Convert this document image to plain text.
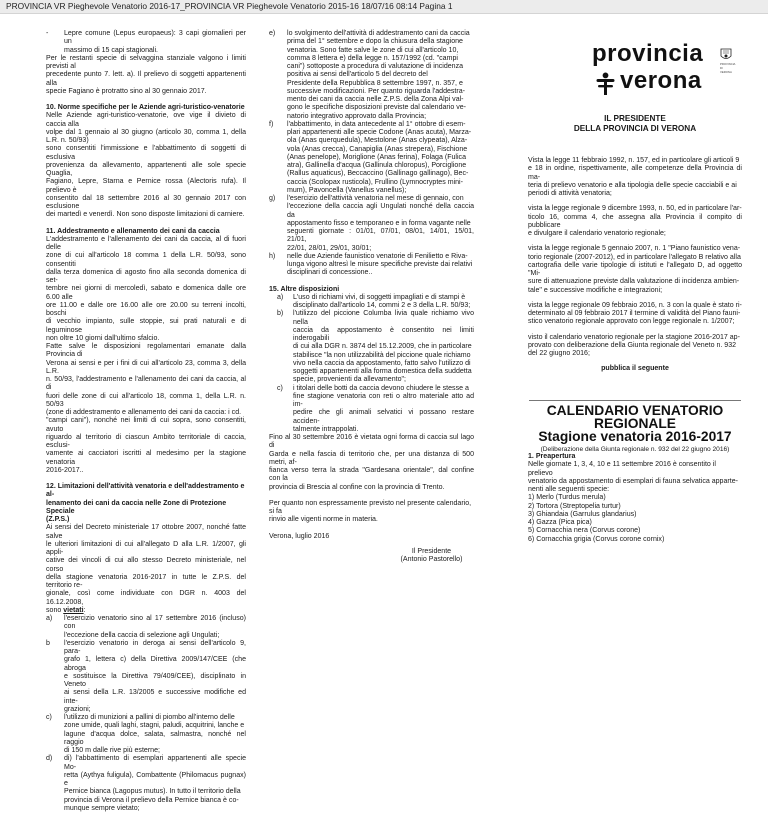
PROVINCIA VR Pieghevole Venatorio 2016-17_PROVINCIA VR Pieghevole Venatorio 2015-16 18/07/16 08:14 Pagina 1
-	Lepre comune (Lepus europaeus): 3 capi giornalieri per un
massimo di 15 capi stagionali.

Per le restanti specie di selvaggina stanziale valgono i limiti previsti al
precedente punto 7. lett. a). Il prelievo di soggetti appartenenti alla
specie Fagiano è protratto sino al 30 gennaio 2017.

10. Norme specifiche per le Aziende agri-turistico-venatorie

Nelle Aziende agri-turistico-venatorie, ove vige il divieto di caccia alla
volpe dal 1 gennaio al 30 giugno (articolo 30, comma 1, della L.R. n. 50/93)
sono consentiti l'immissione e l'abbattimento di soggetti di esclusiva
provenienza da allevamento, appartenenti alle sole specie Quaglia,
Fagiano, Lepre, Starna e Pernice rossa (Alectoris rufa). Il prelievo è
consentito dal 18 settembre 2016 al 30 gennaio 2017 con esclusione
dei martedì e venerdì. Non sono disposte limitazioni di carniere.

11. Addestramento e allenamento dei cani da caccia

L'addestramento e l'allenamento dei cani da caccia, al di fuori delle
zone di cui all'articolo 18 comma 1 della L.R. 50/93, sono consentiti
dalla terza domenica di agosto fino alla seconda domenica di set-
tembre nei giorni di mercoledì, sabato e domenica dalle ore 6.00 alle
ore 11.00 e dalle ore 16.00 alle ore 20.00 su terreni incolti, boschi
di vecchio impianto, sulle stoppie, sui prati naturali e di leguminose
non oltre 10 giorni dall'ultimo sfalcio.
Fatte salve le disposizioni regolamentari emanate dalla Provincia di
Verona ai sensi e per i fini di cui all'articolo 23, comma 3, della L.R.
n. 50/93, l'addestramento e l'allenamento dei cani da caccia, al di
fuori delle zone di cui all'articolo 18, comma 1, della L.R. n. 50/93
(zone di addestramento e allenamento dei cani da caccia: i cd.
"campi cani"), nonché nei limiti di cui sopra, sono consentiti, avuto
riguardo al territorio di ciascun Ambito territoriale di caccia, esclusi-
vamente ai cacciatori iscritti al medesimo per la stagione venatoria
2016-2017..

12. Limitazioni dell'attività venatoria e dell'addestramento e al-
lenamento dei cani da caccia nelle Zone di Protezione Speciale
(Z.P.S.)

Ai sensi del Decreto ministeriale 17 ottobre 2007, nonché fatte salve
le ulteriori limitazioni di cui all'allegato D alla L.R. 1/2007, gli appli-
cative dei vincoli di cui allo stesso Decreto ministeriale, nel corso
della stagione venatoria 2016-2017 in tutte le Z.P.S. del territorio re-
gionale, così come individuate con DGR n. 4003 del 16.12.2008,
sono vietati:

a)	l'esercizio venatorio sino al 17 settembre 2016 (incluso) con
l'eccezione della caccia di selezione agli Ungulati;
b	l'esercizio venatorio in deroga ai sensi dell'articolo 9, para-
grafo 1, lettera c) della Direttiva 2009/147/CEE (che abroga
e sostituisce la Direttiva 79/409/CEE), disciplinato in Veneto
ai sensi della L.R. 13/2005 e successive modifiche ed inte-
grazioni;
c)	l'utilizzo di munizioni a pallini di piombo all'interno delle
zone umide, quali laghi, stagni, paludi, acquitrini, lanche e
lagune d'acqua dolce, salata, salmastra, nonché nel raggio
di 150 m dalle rive più esterne;
d)	di) l'abbattimento di esemplari appartenenti alle specie Mo-
retta (Aythya fuligula), Combattente (Philomacus pugnax) e
Pernice bianca (Lagopus mutus). In tutto il territorio della
provincia di Verona il prelievo della Pernice bianca è co-
munque sempre vietato;
e)	lo svolgimento dell'attività di addestramento cani da caccia
prima del 1° settembre e dopo la chiusura della stagione
venatoria. Sono fatte salve le zone di cui all'articolo 10,
comma 8 lettera e) della legge n. 157/1992 (cd. "campi
cani") sottoposte a procedura di valutazione di incidenza
positiva ai sensi dell'articolo 5 del decreto del
Presidente della Repubblica 8 settembre 1997, n. 357, e
successive modificazioni. Per quanto riguarda l'addestra-
mento dei cani da caccia nelle Z.P.S. della Zona Alpi val-
gono le specifiche disposizioni previste dal calendario ve-
natorio integrativo approvato dalla Provincia;
f)	l'abbattimento, in data antecedente al 1° ottobre di esem-
plari appartenenti alle specie Codone (Anas acuta), Marza-
ola (Anas querquedula), Mestolone (Anas clypeata), Alza-
vola (Anas crecca), Canapiglia (Anas strepera), Fischione
(Anas penelope), Moriglione (Anas ferina), Folaga (Fulica
atra), Gallinella d'acqua (Gallinula chloropus), Porciglione
(Rallus aquaticus), Beccaccino (Gallinago gallinago), Bec-
caccia (Scolopax rusticola), Frullino (Lymnocryptes mini-
mum), Pavoncella (Vanellus vanellus);
g)	l'esercizio dell'attività venatoria nel mese di gennaio, con
l'eccezione della caccia agli Ungulati nonché della caccia da
appostamento fisso e temporaneo e in forma vagante nelle
seguenti giornate : 01/01, 07/01, 08/01, 14/01, 15/01, 21/01,
22/01, 28/01, 29/01, 30/01;
h)	nelle due Aziende faunistico venatorie di Fenilietto e Riva-
lunga vigono altresì le misure specifiche previste dai relativi
disciplinari di concessione..

15. Altre disposizioni

a)	L'uso di richiami vivi, di soggetti impagliati e di stampi è
disciplinato dall'articolo 14, commi 2 e 3 della L.R. 50/93;
b)	l'utilizzo del piccione Columba livia quale richiamo vivo nella
caccia da appostamento è consentito nei limiti inderogabili
di cui alla DGR n. 3874 del 15.12.2009, che in particolare
stabilisce "la non utilizzabilità del piccione quale richiamo
vivo nella caccia da appostamento, fatto salvo l'utilizzo di
soggetti appartenenti alla forma domestica della suddetta
specie, provenienti da allevamento";
c)	i titolari delle botti da caccia devono chiudere le stesse a
fine stagione venatoria con reti o altro materiale atto ad im-
pedire che gli animali selvatici vi possano restare acciden-
talmente intrappolati.

Fino al 30 settembre 2016 è vietata ogni forma di caccia sul lago di
Garda e nella fascia di territorio che, per una distanza di 500 metri, af-
fianca verso terra la strada "Gardesana orientale", dal confine con la
provincia di Brescia al confine con la provincia di Trento.

Per quanto non espressamente previsto nel presente calendario, si fa
rinvio alle vigenti norme in materia.

Verona, luglio 2016

Il Presidente
(Antonio Pastorello)

provincia	PROVINCIA DI VERONA
verona
IL PRESIDENTE
DELLA PROVINCIA DI VERONA

Vista la legge 11 febbraio 1992, n. 157, ed in particolare gli articoli 9
e 18 in ordine, rispettivamente, alle competenze della Provincia di ma-
teria di prelievo venatorio e alla tipologia delle specie cacciabili e ai
periodi di attività venatoria;

vista la legge regionale 9 dicembre 1993, n. 50, ed in particolare l'ar-
ticolo 16, comma 4, che assegna alla Provincia il compito di pubblicare
e divulgare il calendario venatorio regionale;

vista la legge regionale 5 gennaio 2007, n. 1 "Piano faunistico vena-
torio regionale (2007-2012), ed in particolare l'allegato B relativo alla
cartografia delle varie tipologie di istituti e l'allegato D, ad oggetto "Mi-
sure di attenuazione previste dalla valutazione di incidenza ambien-
tale" e successive modifiche e integrazioni;

vista la legge regionale 09 febbraio 2016, n. 3 con la quale è stato ri-
determinato al 09 febbraio 2017 il termine di validità del Piano fauni-
stico venatorio regionale approvato con legge regionale n. 1/2007;

visto il calendario venatorio regionale per la stagione 2016-2017 ap-
provato con deliberazione della Giunta regionale del Veneto n. 932
del 22 giugno 2016;

pubblica il seguente

CALENDARIO VENATORIO REGIONALE

Stagione venatoria 2016-2017

(Deliberazione della Giunta regionale n. 932 del 22 giugno 2016)

1. Preapertura

Nelle giornate 1, 3, 4, 10 e 11 settembre 2016 è consentito il prelievo
venatorio da appostamento di esemplari di fauna selvatica apparte-
nenti alle seguenti specie:

1) Merlo (Turdus merula)

2) Tortora (Streptopelia turtur)

3) Ghiandaia (Garrulus glandarius)

4) Gazza (Pica pica)

5) Cornacchia nera (Corvus corone)

6) Cornacchia grigia (Corvus corone cornix)
